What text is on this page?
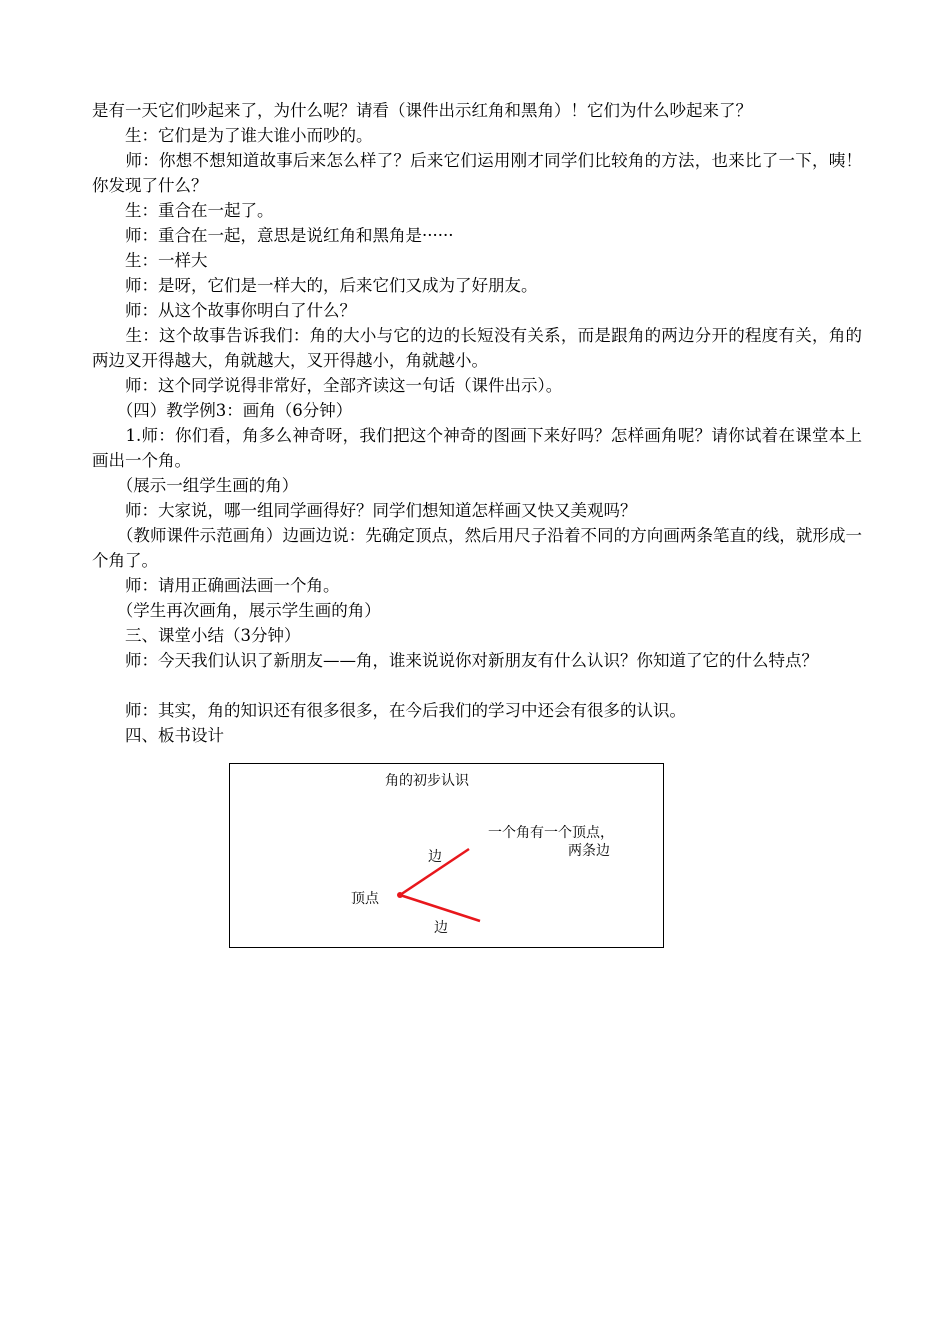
是有一天它们吵起来了，为什么呢？请看（课件出示红角和黑角）！它们为什么吵起来了？
　　生：它们是为了谁大谁小而吵的。
　　师：你想不想知道故事后来怎么样了？后来它们运用刚才同学们比较角的方法，也来比了一下，咦！你发现了什么？
　　生：重合在一起了。
　　师：重合在一起，意思是说红角和黑角是······
　　生：一样大
　　师：是呀，它们是一样大的，后来它们又成为了好朋友。
　　师：从这个故事你明白了什么？
　　生：这个故事告诉我们：角的大小与它的边的长短没有关系，而是跟角的两边分开的程度有关，角的两边叉开得越大，角就越大，叉开得越小，角就越小。
　　师：这个同学说得非常好，全部齐读这一句话（课件出示）。
　　（四）教学例3：画角（6分钟）
　　1.师：你们看，角多么神奇呀，我们把这个神奇的图画下来好吗？怎样画角呢？请你试着在课堂本上画出一个角。
　　（展示一组学生画的角）
　　师：大家说，哪一组同学画得好？同学们想知道怎样画又快又美观吗？
　　（教师课件示范画角）边画边说：先确定顶点，然后用尺子沿着不同的方向画两条笔直的线，就形成一个角了。
　　师：请用正确画法画一个角。
　　（学生再次画角，展示学生画的角）
　　三、课堂小结（3分钟）
　　师：今天我们认识了新朋友——角，谁来说说你对新朋友有什么认识？你知道了它的什么特点？
　　师：其实，角的知识还有很多很多，在今后我们的学习中还会有很多的认识。
　　四、板书设计
角的初步认识
边
边
顶点
一个角有一个顶点，
两条边
